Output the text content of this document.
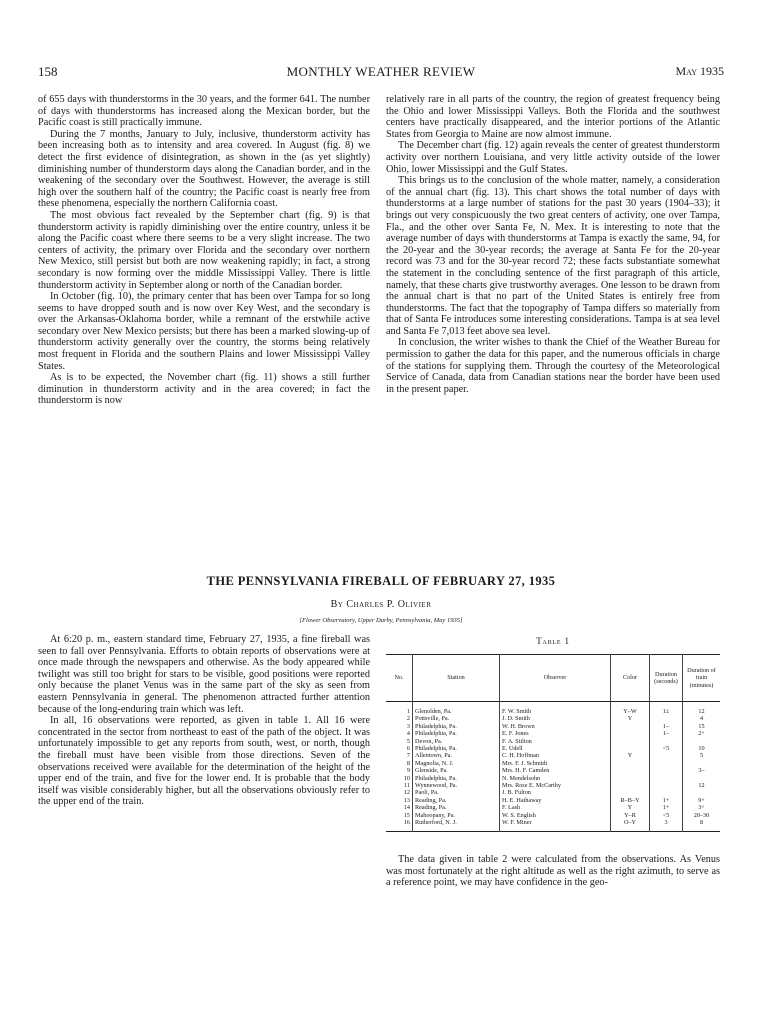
158	MONTHLY WEATHER REVIEW	May 1935

of 655 days with thunderstorms in the 30 years, and the former 641. The number of days with thunderstorms has increased along the Mexican border, but the Pacific coast is still practically immune.

During the 7 months, January to July, inclusive, thunderstorm activity has been increasing both as to intensity and area covered. In August (fig. 8) we detect the first evidence of disintegration, as shown in the (as yet slightly) diminishing number of thunderstorm days along the Canadian border, and in the weakening of the secondary over the Southwest. However, the average is still high over the southern half of the country; the Pacific coast is nearly free from these phenomena, especially the northern California coast.

The most obvious fact revealed by the September chart (fig. 9) is that thunderstorm activity is rapidly diminishing over the entire country, unless it be along the Pacific coast where there seems to be a very slight increase. The two centers of activity, the primary over Florida and the secondary over northern New Mexico, still persist but both are now weakening rapidly; in fact, a strong secondary is now forming over the middle Mississippi Valley. There is little thunderstorm activity in September along or north of the Canadian border.

In October (fig. 10), the primary center that has been over Tampa for so long seems to have dropped south and is now over Key West, and the secondary is over the Arkansas-Oklahoma border, while a remnant of the erstwhile active secondary over New Mexico persists; but there has been a marked slowing-up of thunderstorm activity generally over the country, the storms being relatively most frequent in Florida and the southern Plains and lower Mississippi Valley States.

As is to be expected, the November chart (fig. 11) shows a still further diminution in thunderstorm activity and in the area covered; in fact the thunderstorm is now

relatively rare in all parts of the country, the region of greatest frequency being the Ohio and lower Mississippi Valleys. Both the Florida and the southwest centers have practically disappeared, and the interior portions of the Atlantic States from Georgia to Maine are now almost immune.

The December chart (fig. 12) again reveals the center of greatest thunderstorm activity over northern Louisiana, and very little activity outside of the lower Ohio, lower Mississippi and the Gulf States.

This brings us to the conclusion of the whole matter, namely, a consideration of the annual chart (fig. 13). This chart shows the total number of days with thunderstorms at a large number of stations for the past 30 years (1904–33); it brings out very conspicuously the two great centers of activity, one over Tampa, Fla., and the other over Santa Fe, N. Mex. It is interesting to note that the average number of days with thunderstorms at Tampa is exactly the same, 94, for the 20-year and the 30-year records; the average at Santa Fe for the 20-year record was 73 and for the 30-year record 72; these facts substantiate somewhat the statement in the concluding sentence of the first paragraph of this article, namely, that these charts give trustworthy averages. One lesson to be drawn from the annual chart is that no part of the United States is entirely free from thunderstorms. The fact that the topography of Tampa differs so materially from that of Santa Fe introduces some interesting considerations. Tampa is at sea level and Santa Fe 7,013 feet above sea level.

In conclusion, the writer wishes to thank the Chief of the Weather Bureau for permission to gather the data for this paper, and the numerous officials in charge of the stations for supplying them. Through the courtesy of the Meteorological Service of Canada, data from Canadian stations near the border have been used in the present paper.

THE PENNSYLVANIA FIREBALL OF FEBRUARY 27, 1935
By Charles P. Olivier
[Flower Observatory, Upper Darby, Pennsylvania, May 1935]

At 6:20 p. m., eastern standard time, February 27, 1935, a fine fireball was seen to fall over Pennsylvania. Efforts to obtain reports of observations were at once made through the newspapers and otherwise. As the body appeared while twilight was still too bright for stars to be visible, good positions were reported only because the planet Venus was in the same part of the sky as seen from eastern Pennsylvania in general. The phenomenon attracted further attention because of the long-enduring train which was left.

In all, 16 observations were reported, as given in table 1. All 16 were concentrated in the sector from northeast to east of the path of the object. It was unfortunately impossible to get any reports from south, west, or north, though the fireball must have been visible from those directions. Seven of the observations received were available for the determination of the height of the upper end of the train, and five for the lower end. It is probable that the body itself was visible considerably higher, but all the observations obviously refer to the upper end of the train.

Table 1
No.	Station	Observer	Color	Duration (seconds)	Duration of train (minutes)
1	Glenolden, Pa.	F. W. Smith	Y–W	1±	12
2	Pottsville, Pa.	J. D. Smith	Y		4
3	Philadelphia, Pa.	W. H. Brown		1–	15
4	Philadelphia, Pa.	E. F. Jones		1–	2+
5	Devon, Pa.	F. A. Stilton			
6	Philadelphia, Pa.	E. Udell		<5	10
7	Allentown, Pa.	C. H. Hoffman	Y		5
8	Magnolia, N. J.	Mrs. F. J. Schmidt			
9	Glenside, Pa.	Mrs. H. F. Camden			3–
10	Philadelphia, Pa.	N. Mendelsohn			
11	Wynnewood, Pa.	Mrs. Rose E. McCarthy			12
12	Paoli, Pa.	J. B. Fulton			
13	Reading, Pa.	H. E. Hathaway	R–B–Y	1+	9+
14	Reading, Pa.	F. Lash	Y	1+	3+
15	Mahoopany, Pa.	W. S. English	Y–R	<5	20–30
16	Rutherford, N. J.	W. F. Miner	O–Y	3	8

The data given in table 2 were calculated from the observations. As Venus was most fortunately at the right altitude as well as the right azimuth, to serve as a reference point, we may have confidence in the geo-
